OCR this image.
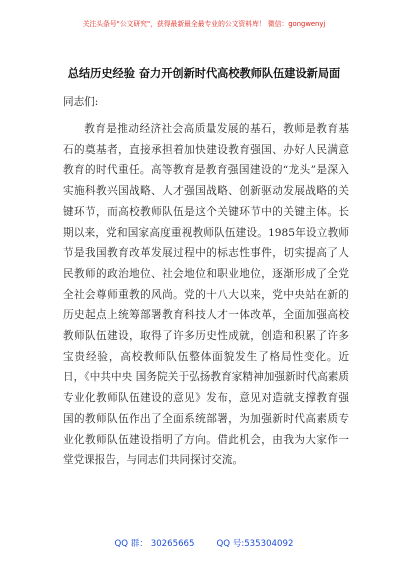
关注头条号"公文研究"，获得最新最全最专业的公文资料库！ 微信：gongwenyj
总结历史经验 奋力开创新时代高校教师队伍建设新局面
同志们:

教育是推动经济社会高质量发展的基石，教师是教育基石的奠基者，直接承担着加快建设教育强国、办好人民满意教育的时代重任。高等教育是教育强国建设的“龙头”是深入实施科教兴国战略、人才强国战略、创新驱动发展战略的关键环节，而高校教师队伍是这个关键环节中的关键主体。长期以来，党和国家高度重视教师队伍建设。1985年设立教师节是我国教育改革发展过程中的标志性事件，切实提高了人民教师的政治地位、社会地位和职业地位，逐渐形成了全党全社会尊师重教的风尚。党的十八大以来，党中央站在新的历史起点上统筹部署教育科技人才一体改革，全面加强高校教师队伍建设，取得了许多历史性成就，创造和积累了许多宝贵经验，高校教师队伍整体面貌发生了格局性变化。近日，《中共中央 国务院关于弘扬教育家精神加强新时代高素质专业化教师队伍建设的意见》发布，意见对造就支撑教育强国的教师队伍作出了全面系统部署，为加强新时代高素质专业化教师队伍建设指明了方向。借此机会，由我为大家作一堂党课报告，与同志们共同探讨交流。

QQ 群： 30265665	QQ 号:535304092
